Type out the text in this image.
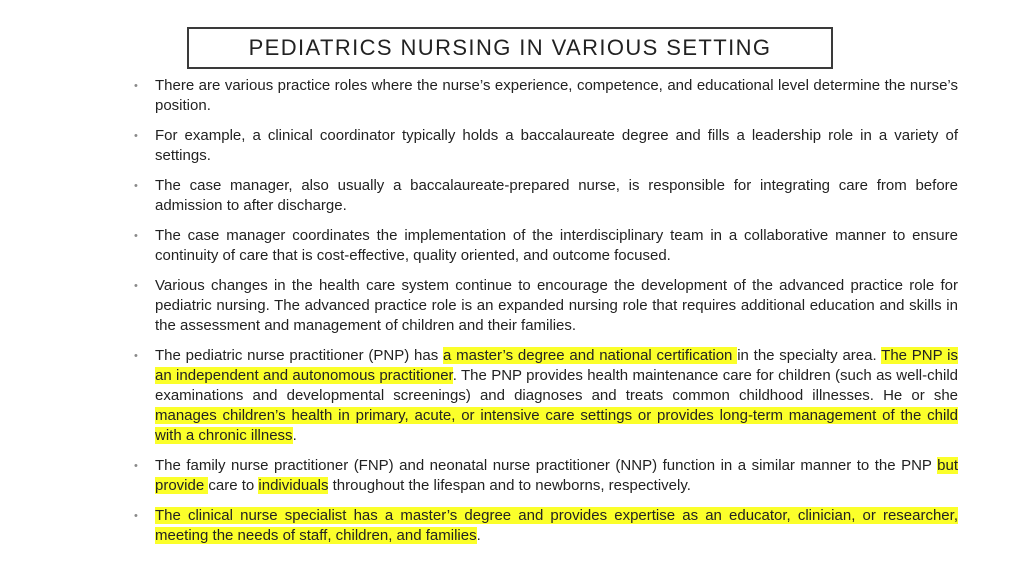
PEDIATRICS NURSING IN VARIOUS SETTING
• There are various practice roles where the nurse’s experience, competence, and educational level determine the nurse’s position.
• For example, a clinical coordinator typically holds a baccalaureate degree and fills a leadership role in a variety of settings.
• The case manager, also usually a baccalaureate-prepared nurse, is responsible for integrating care from before admission to after discharge.
• The case manager coordinates the implementation of the interdisciplinary team in a collaborative manner to ensure continuity of care that is cost-effective, quality oriented, and outcome focused.
• Various changes in the health care system continue to encourage the development of the advanced practice role for pediatric nursing. The advanced practice role is an expanded nursing role that requires additional education and skills in the assessment and management of children and their families.
• The pediatric nurse practitioner (PNP) has a master’s degree and national certification in the specialty area. The PNP is an independent and autonomous practitioner. The PNP provides health maintenance care for children (such as well-child examinations and developmental screenings) and diagnoses and treats common childhood illnesses. He or she manages children’s health in primary, acute, or intensive care settings or provides long-term management of the child with a chronic illness.
• The family nurse practitioner (FNP) and neonatal nurse practitioner (NNP) function in a similar manner to the PNP but provide care to individuals throughout the lifespan and to newborns, respectively.
• The clinical nurse specialist has a master’s degree and provides expertise as an educator, clinician, or researcher, meeting the needs of staff, children, and families.
